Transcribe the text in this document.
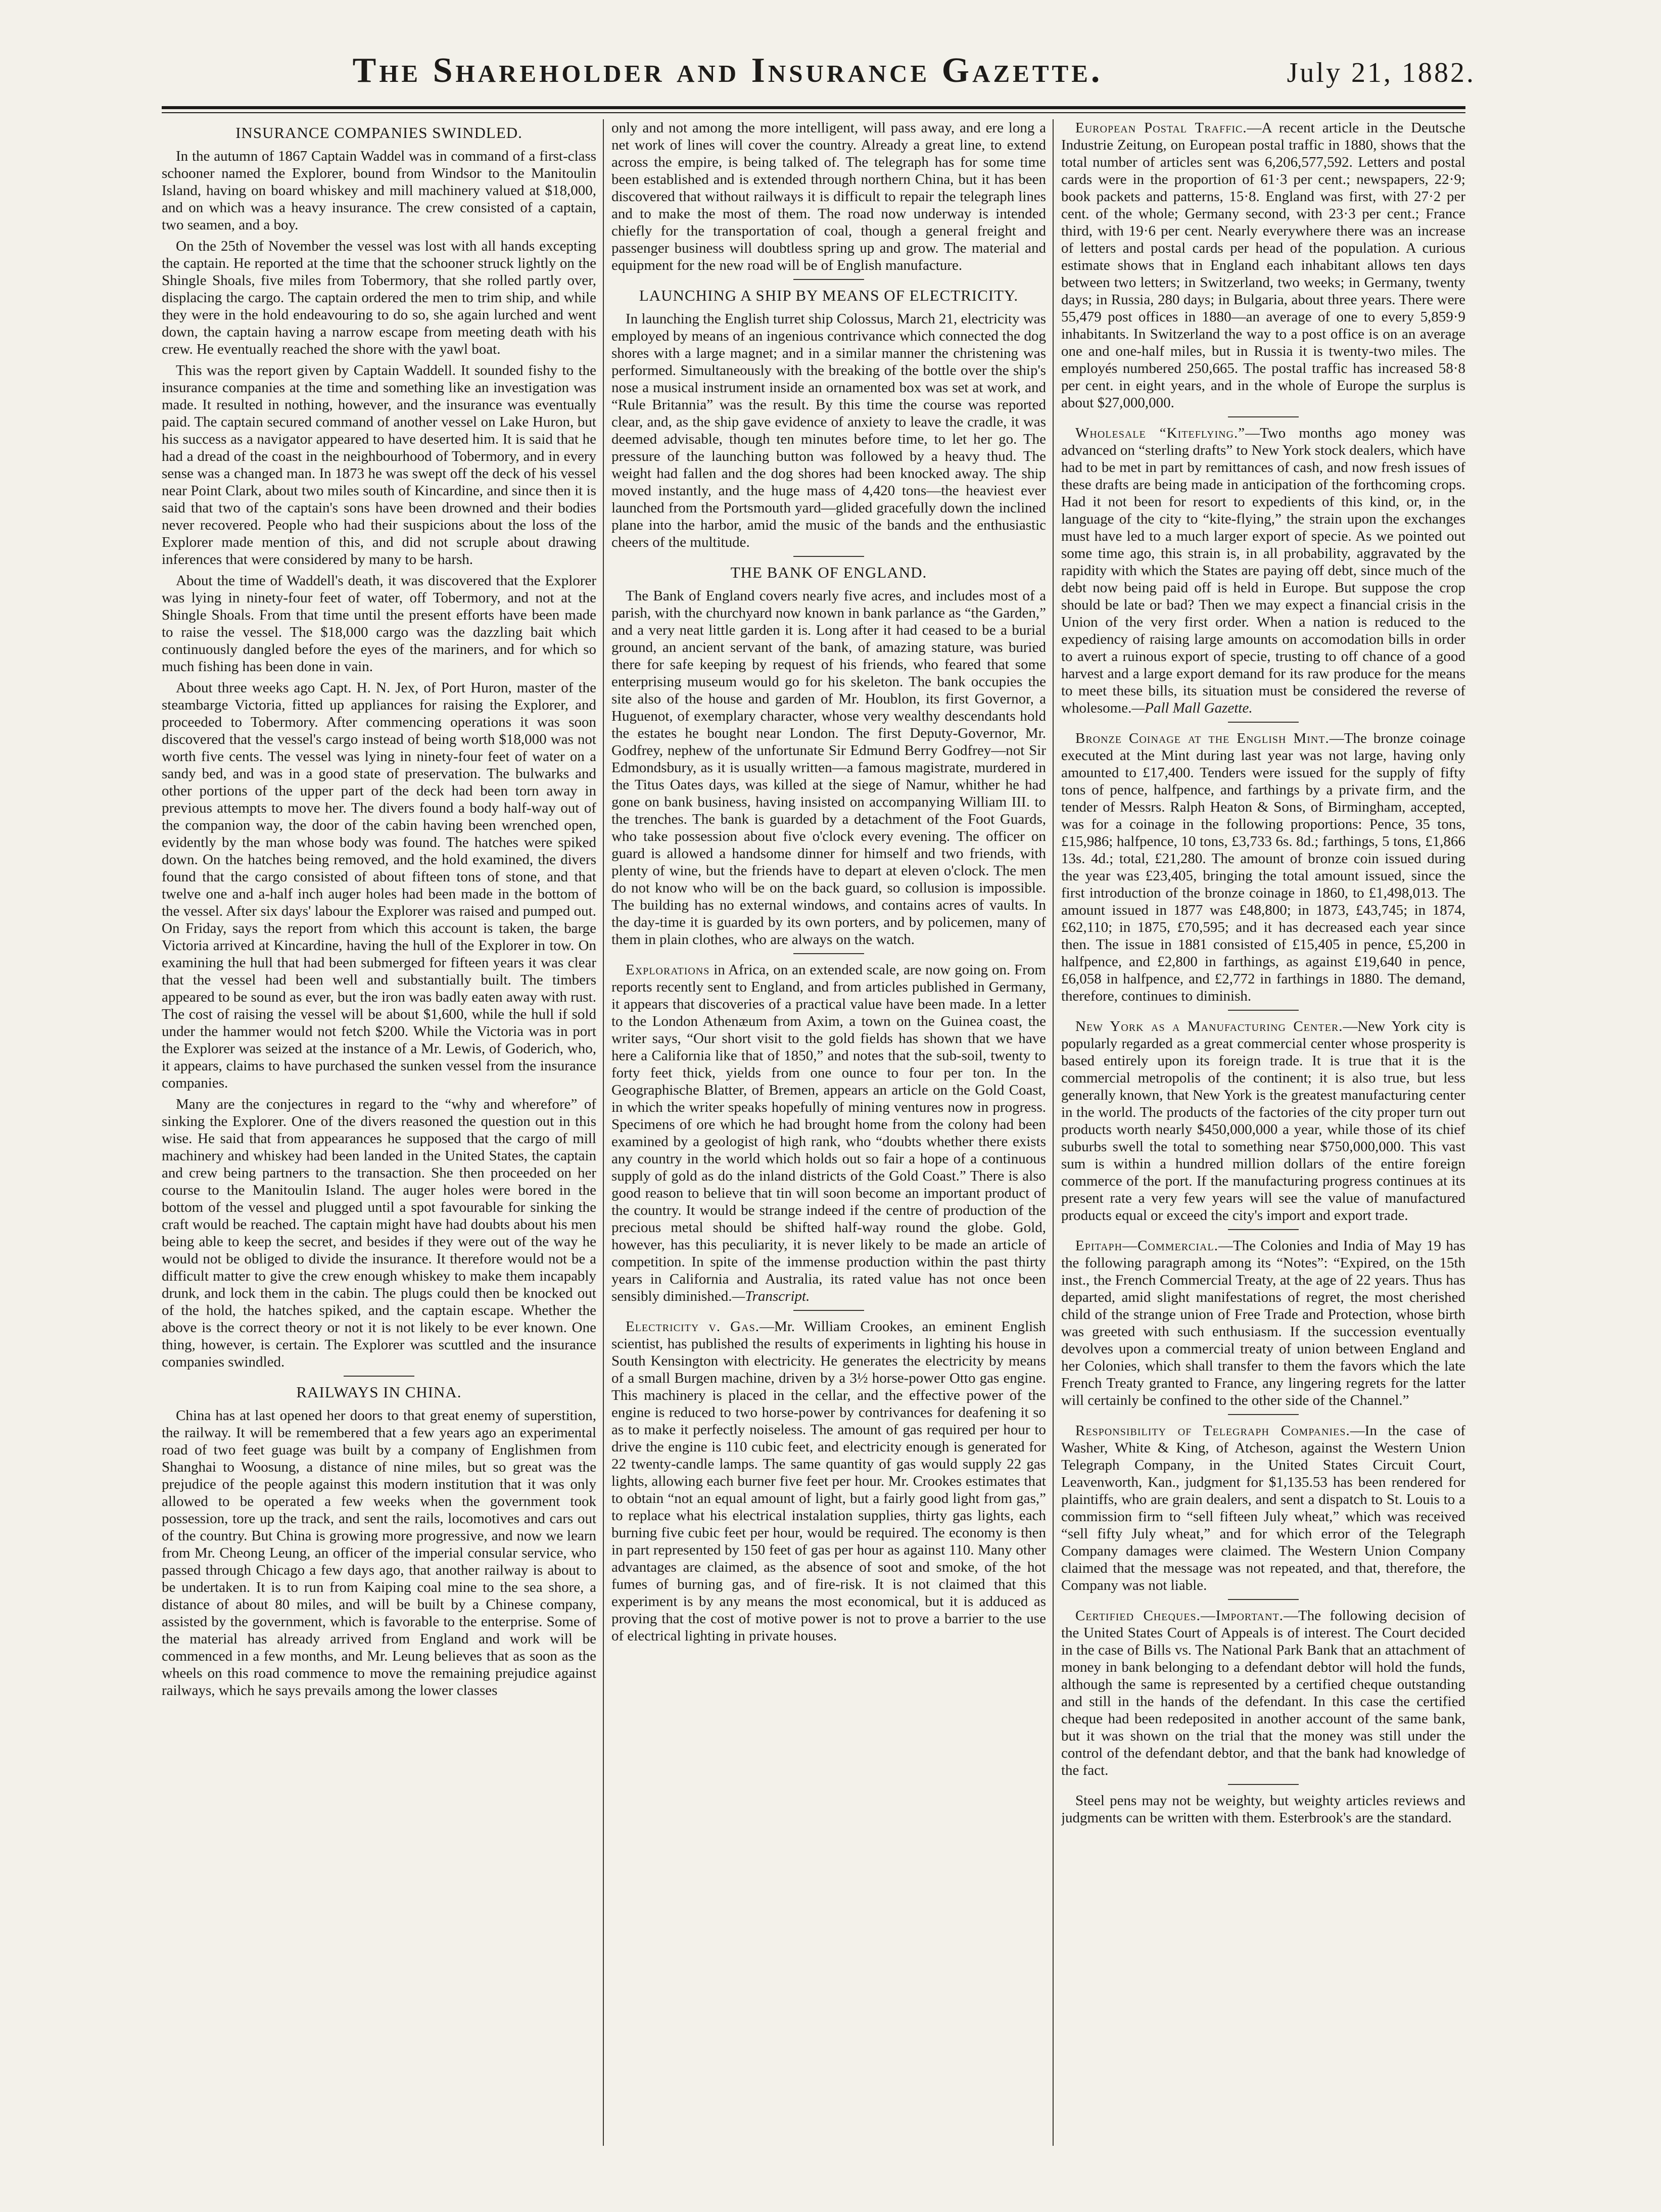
The Shareholder and Insurance Gazette.	July 21, 1882.
INSURANCE COMPANIES SWINDLED.

In the autumn of 1867 Captain Waddel was in command of a first-class schooner named the Explorer, bound from Windsor to the Manitoulin Island, having on board whiskey and mill machinery valued at $18,000, and on which was a heavy insurance. The crew consisted of a captain, two seamen, and a boy.

On the 25th of November the vessel was lost with all hands excepting the captain. He reported at the time that the schooner struck lightly on the Shingle Shoals, five miles from Tobermory, that she rolled partly over, displacing the cargo. The captain ordered the men to trim ship, and while they were in the hold endeavouring to do so, she again lurched and went down, the captain having a narrow escape from meeting death with his crew. He eventually reached the shore with the yawl boat.

This was the report given by Captain Waddell. It sounded fishy to the insurance companies at the time and something like an investigation was made. It resulted in nothing, however, and the insurance was eventually paid. The captain secured command of another vessel on Lake Huron, but his success as a navigator appeared to have deserted him. It is said that he had a dread of the coast in the neighbourhood of Tobermory, and in every sense was a changed man. In 1873 he was swept off the deck of his vessel near Point Clark, about two miles south of Kincardine, and since then it is said that two of the captain's sons have been drowned and their bodies never recovered. People who had their suspicions about the loss of the Explorer made mention of this, and did not scruple about drawing inferences that were considered by many to be harsh.

About the time of Waddell's death, it was discovered that the Explorer was lying in ninety-four feet of water, off Tobermory, and not at the Shingle Shoals. From that time until the present efforts have been made to raise the vessel. The $18,000 cargo was the dazzling bait which continuously dangled before the eyes of the mariners, and for which so much fishing has been done in vain.

About three weeks ago Capt. H. N. Jex, of Port Huron, master of the steambarge Victoria, fitted up appliances for raising the Explorer, and proceeded to Tobermory. After commencing operations it was soon discovered that the vessel's cargo instead of being worth $18,000 was not worth five cents. The vessel was lying in ninety-four feet of water on a sandy bed, and was in a good state of preservation. The bulwarks and other portions of the upper part of the deck had been torn away in previous attempts to move her. The divers found a body half-way out of the companion way, the door of the cabin having been wrenched open, evidently by the man whose body was found. The hatches were spiked down. On the hatches being removed, and the hold examined, the divers found that the cargo consisted of about fifteen tons of stone, and that twelve one and a-half inch auger holes had been made in the bottom of the vessel. After six days' labour the Explorer was raised and pumped out. On Friday, says the report from which this account is taken, the barge Victoria arrived at Kincardine, having the hull of the Explorer in tow. On examining the hull that had been submerged for fifteen years it was clear that the vessel had been well and substantially built. The timbers appeared to be sound as ever, but the iron was badly eaten away with rust. The cost of raising the vessel will be about $1,600, while the hull if sold under the hammer would not fetch $200. While the Victoria was in port the Explorer was seized at the instance of a Mr. Lewis, of Goderich, who, it appears, claims to have purchased the sunken vessel from the insurance companies.

Many are the conjectures in regard to the “why and wherefore” of sinking the Explorer. One of the divers reasoned the question out in this wise. He said that from appearances he supposed that the cargo of mill machinery and whiskey had been landed in the United States, the captain and crew being partners to the transaction. She then proceeded on her course to the Manitoulin Island. The auger holes were bored in the bottom of the vessel and plugged until a spot favourable for sinking the craft would be reached. The captain might have had doubts about his men being able to keep the secret, and besides if they were out of the way he would not be obliged to divide the insurance. It therefore would not be a difficult matter to give the crew enough whiskey to make them incapably drunk, and lock them in the cabin. The plugs could then be knocked out of the hold, the hatches spiked, and the captain escape. Whether the above is the correct theory or not it is not likely to be ever known. One thing, however, is certain. The Explorer was scuttled and the insurance companies swindled.

RAILWAYS IN CHINA.

China has at last opened her doors to that great enemy of superstition, the railway. It will be remembered that a few years ago an experimental road of two feet guage was built by a company of Englishmen from Shanghai to Woosung, a distance of nine miles, but so great was the prejudice of the people against this modern institution that it was only allowed to be operated a few weeks when the government took possession, tore up the track, and sent the rails, locomotives and cars out of the country. But China is growing more progressive, and now we learn from Mr. Cheong Leung, an officer of the imperial consular service, who passed through Chicago a few days ago, that another railway is about to be undertaken. It is to run from Kaiping coal mine to the sea shore, a distance of about 80 miles, and will be built by a Chinese company, assisted by the government, which is favorable to the enterprise. Some of the material has already arrived from England and work will be commenced in a few months, and Mr. Leung believes that as soon as the wheels on this road commence to move the remaining prejudice against railways, which he says prevails among the lower classes

only and not among the more intelligent, will pass away, and ere long a net work of lines will cover the country. Already a great line, to extend across the empire, is being talked of. The telegraph has for some time been established and is extended through northern China, but it has been discovered that without railways it is difficult to repair the telegraph lines and to make the most of them. The road now underway is intended chiefly for the transportation of coal, though a general freight and passenger business will doubtless spring up and grow. The material and equipment for the new road will be of English manufacture.

LAUNCHING A SHIP BY MEANS OF ELECTRICITY.

In launching the English turret ship Colossus, March 21, electricity was employed by means of an ingenious contrivance which connected the dog shores with a large magnet; and in a similar manner the christening was performed. Simultaneously with the breaking of the bottle over the ship's nose a musical instrument inside an ornamented box was set at work, and “Rule Britannia” was the result. By this time the course was reported clear, and, as the ship gave evidence of anxiety to leave the cradle, it was deemed advisable, though ten minutes before time, to let her go. The pressure of the launching button was followed by a heavy thud. The weight had fallen and the dog shores had been knocked away. The ship moved instantly, and the huge mass of 4,420 tons—the heaviest ever launched from the Portsmouth yard—glided gracefully down the inclined plane into the harbor, amid the music of the bands and the enthusiastic cheers of the multitude.

THE BANK OF ENGLAND.

The Bank of England covers nearly five acres, and includes most of a parish, with the churchyard now known in bank parlance as “the Garden,” and a very neat little garden it is. Long after it had ceased to be a burial ground, an ancient servant of the bank, of amazing stature, was buried there for safe keeping by request of his friends, who feared that some enterprising museum would go for his skeleton. The bank occupies the site also of the house and garden of Mr. Houblon, its first Governor, a Huguenot, of exemplary character, whose very wealthy descendants hold the estates he bought near London. The first Deputy-Governor, Mr. Godfrey, nephew of the unfortunate Sir Edmund Berry Godfrey—not Sir Edmondsbury, as it is usually written—a famous magistrate, murdered in the Titus Oates days, was killed at the siege of Namur, whither he had gone on bank business, having insisted on accompanying William III. to the trenches. The bank is guarded by a detachment of the Foot Guards, who take possession about five o'clock every evening. The officer on guard is allowed a handsome dinner for himself and two friends, with plenty of wine, but the friends have to depart at eleven o'clock. The men do not know who will be on the back guard, so collusion is impossible. The building has no external windows, and contains acres of vaults. In the day-time it is guarded by its own porters, and by policemen, many of them in plain clothes, who are always on the watch.

Explorations in Africa, on an extended scale, are now going on. From reports recently sent to England, and from articles published in Germany, it appears that discoveries of a practical value have been made. In a letter to the London Athenæum from Axim, a town on the Guinea coast, the writer says, “Our short visit to the gold fields has shown that we have here a California like that of 1850,” and notes that the sub-soil, twenty to forty feet thick, yields from one ounce to four per ton. In the Geographische Blatter, of Bremen, appears an article on the Gold Coast, in which the writer speaks hopefully of mining ventures now in progress. Specimens of ore which he had brought home from the colony had been examined by a geologist of high rank, who “doubts whether there exists any country in the world which holds out so fair a hope of a continuous supply of gold as do the inland districts of the Gold Coast.” There is also good reason to believe that tin will soon become an important product of the country. It would be strange indeed if the centre of production of the precious metal should be shifted half-way round the globe. Gold, however, has this peculiarity, it is never likely to be made an article of competition. In spite of the immense production within the past thirty years in California and Australia, its rated value has not once been sensibly diminished.—Transcript.

Electricity v. Gas.—Mr. William Crookes, an eminent English scientist, has published the results of experiments in lighting his house in South Kensington with electricity. He generates the electricity by means of a small Burgen machine, driven by a 3½ horse-power Otto gas engine. This machinery is placed in the cellar, and the effective power of the engine is reduced to two horse-power by contrivances for deafening it so as to make it perfectly noiseless. The amount of gas required per hour to drive the engine is 110 cubic feet, and electricity enough is generated for 22 twenty-candle lamps. The same quantity of gas would supply 22 gas lights, allowing each burner five feet per hour. Mr. Crookes estimates that to obtain “not an equal amount of light, but a fairly good light from gas,” to replace what his electrical instalation supplies, thirty gas lights, each burning five cubic feet per hour, would be required. The economy is then in part represented by 150 feet of gas per hour as against 110. Many other advantages are claimed, as the absence of soot and smoke, of the hot fumes of burning gas, and of fire-risk. It is not claimed that this experiment is by any means the most economical, but it is adduced as proving that the cost of motive power is not to prove a barrier to the use of electrical lighting in private houses.

European Postal Traffic.—A recent article in the Deutsche Industrie Zeitung, on European postal traffic in 1880, shows that the total number of articles sent was 6,206,577,592. Letters and postal cards were in the proportion of 61·3 per cent.; newspapers, 22·9; book packets and patterns, 15·8. England was first, with 27·2 per cent. of the whole; Germany second, with 23·3 per cent.; France third, with 19·6 per cent. Nearly everywhere there was an increase of letters and postal cards per head of the population. A curious estimate shows that in England each inhabitant allows ten days between two letters; in Switzerland, two weeks; in Germany, twenty days; in Russia, 280 days; in Bulgaria, about three years. There were 55,479 post offices in 1880—an average of one to every 5,859·9 inhabitants. In Switzerland the way to a post office is on an average one and one-half miles, but in Russia it is twenty-two miles. The employés numbered 250,665. The postal traffic has increased 58·8 per cent. in eight years, and in the whole of Europe the surplus is about $27,000,000.

Wholesale “Kiteflying.”—Two months ago money was advanced on “sterling drafts” to New York stock dealers, which have had to be met in part by remittances of cash, and now fresh issues of these drafts are being made in anticipation of the forthcoming crops. Had it not been for resort to expedients of this kind, or, in the language of the city to “kite-flying,” the strain upon the exchanges must have led to a much larger export of specie. As we pointed out some time ago, this strain is, in all probability, aggravated by the rapidity with which the States are paying off debt, since much of the debt now being paid off is held in Europe. But suppose the crop should be late or bad? Then we may expect a financial crisis in the Union of the very first order. When a nation is reduced to the expediency of raising large amounts on accomodation bills in order to avert a ruinous export of specie, trusting to off chance of a good harvest and a large export demand for its raw produce for the means to meet these bills, its situation must be considered the reverse of wholesome.—Pall Mall Gazette.

Bronze Coinage at the English Mint.—The bronze coinage executed at the Mint during last year was not large, having only amounted to £17,400. Tenders were issued for the supply of fifty tons of pence, halfpence, and farthings by a private firm, and the tender of Messrs. Ralph Heaton & Sons, of Birmingham, accepted, was for a coinage in the following proportions: Pence, 35 tons, £15,986; halfpence, 10 tons, £3,733 6s. 8d.; farthings, 5 tons, £1,866 13s. 4d.; total, £21,280. The amount of bronze coin issued during the year was £23,405, bringing the total amount issued, since the first introduction of the bronze coinage in 1860, to £1,498,013. The amount issued in 1877 was £48,800; in 1873, £43,745; in 1874, £62,110; in 1875, £70,595; and it has decreased each year since then. The issue in 1881 consisted of £15,405 in pence, £5,200 in halfpence, and £2,800 in farthings, as against £19,640 in pence, £6,058 in halfpence, and £2,772 in farthings in 1880. The demand, therefore, continues to diminish.

New York as a Manufacturing Center.—New York city is popularly regarded as a great commercial center whose prosperity is based entirely upon its foreign trade. It is true that it is the commercial metropolis of the continent; it is also true, but less generally known, that New York is the greatest manufacturing center in the world. The products of the factories of the city proper turn out products worth nearly $450,000,000 a year, while those of its chief suburbs swell the total to something near $750,000,000. This vast sum is within a hundred million dollars of the entire foreign commerce of the port. If the manufacturing progress continues at its present rate a very few years will see the value of manufactured products equal or exceed the city's import and export trade.

Epitaph—Commercial.—The Colonies and India of May 19 has the following paragraph among its “Notes”: “Expired, on the 15th inst., the French Commercial Treaty, at the age of 22 years. Thus has departed, amid slight manifestations of regret, the most cherished child of the strange union of Free Trade and Protection, whose birth was greeted with such enthusiasm. If the succession eventually devolves upon a commercial treaty of union between England and her Colonies, which shall transfer to them the favors which the late French Treaty granted to France, any lingering regrets for the latter will certainly be confined to the other side of the Channel.”

Responsibility of Telegraph Companies.—In the case of Washer, White & King, of Atcheson, against the Western Union Telegraph Company, in the United States Circuit Court, Leavenworth, Kan., judgment for $1,135.53 has been rendered for plaintiffs, who are grain dealers, and sent a dispatch to St. Louis to a commission firm to “sell fifteen July wheat,” which was received “sell fifty July wheat,” and for which error of the Telegraph Company damages were claimed. The Western Union Company claimed that the message was not repeated, and that, therefore, the Company was not liable.

Certified Cheques.—Important.—The following decision of the United States Court of Appeals is of interest. The Court decided in the case of Bills vs. The National Park Bank that an attachment of money in bank belonging to a defendant debtor will hold the funds, although the same is represented by a certified cheque outstanding and still in the hands of the defendant. In this case the certified cheque had been redeposited in another account of the same bank, but it was shown on the trial that the money was still under the control of the defendant debtor, and that the bank had knowledge of the fact.

Steel pens may not be weighty, but weighty articles reviews and judgments can be written with them. Esterbrook's are the standard.
